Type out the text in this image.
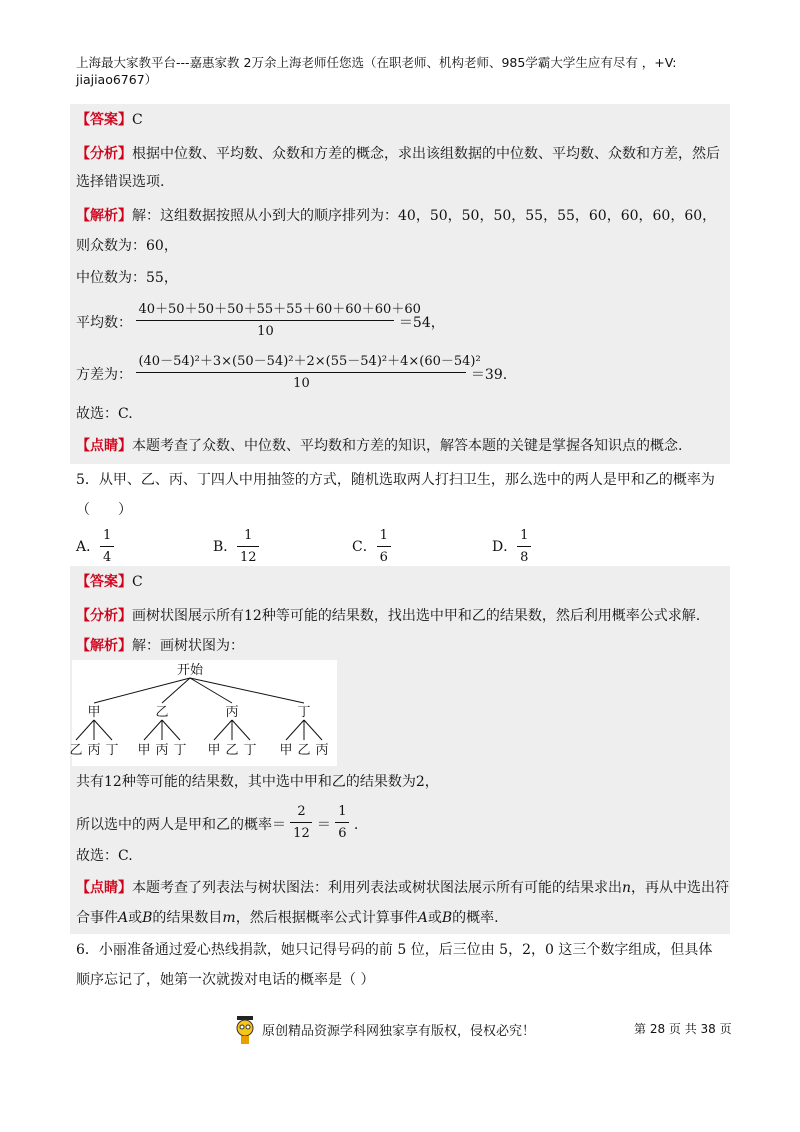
上海最大家教平台---嘉惠家教 2万余上海老师任您选（在职老师、机构老师、985学霸大学生应有尽有 ，+V:
jiajiao6767）
【答案】C
【分析】根据中位数、平均数、众数和方差的概念，求出该组数据的中位数、平均数、众数和方差，然后
选择错误选项.
【解析】解：这组数据按照从小到大的顺序排列为：40，50，50，50，55，55，60，60，60，60，
则众数为：60，
中位数为：55，
平均数： $\frac{40+50+50+50+55+55+60+60+60+60}{10} =54$，
方差为： $\frac{\text{(40－54)²＋3×(50－54)²＋2×(55－54)²＋4×(60－54)²}}{10} =39$.
故选：C.
【点睛】本题考查了众数、中位数、平均数和方差的知识，解答本题的关键是掌握各知识点的概念.
5．从甲、乙、丙、丁四人中用抽签的方式，随机选取两人打扫卫生，那么选中的两人是甲和乙的概率为
（　　）
A． $\frac{1}{4}$	B． $\frac{1}{12}$	C． $\frac{1}{6}$	D． $\frac{1}{8}$
【答案】C
【分析】画树状图展示所有12种等可能的结果数，找出选中甲和乙的结果数，然后利用概率公式求解.
【解析】解：画树状图为：
开始
甲
乙 丙 丁
乙
甲 丙 丁
丙
甲 乙 丁
丁
甲 乙 丙
共有12种等可能的结果数，其中选中甲和乙的结果数为2，
所以选中的两人是甲和乙的概率＝ $\frac{2}{12} = \frac{1}{6}$ .
故选：C.
【点睛】本题考查了列表法与树状图法：利用列表法或树状图法展示所有可能的结果求出n，再从中选出符
合事件A或B的结果数目m，然后根据概率公式计算事件A或B的概率.
6．小丽准备通过爱心热线捐款，她只记得号码的前 5 位，后三位由 5，2，0 这三个数字组成，但具体
顺序忘记了，她第一次就拨对电话的概率是（ ）
原创精品资源学科网独家享有版权，侵权必究！	第 28 页 共 38 页
